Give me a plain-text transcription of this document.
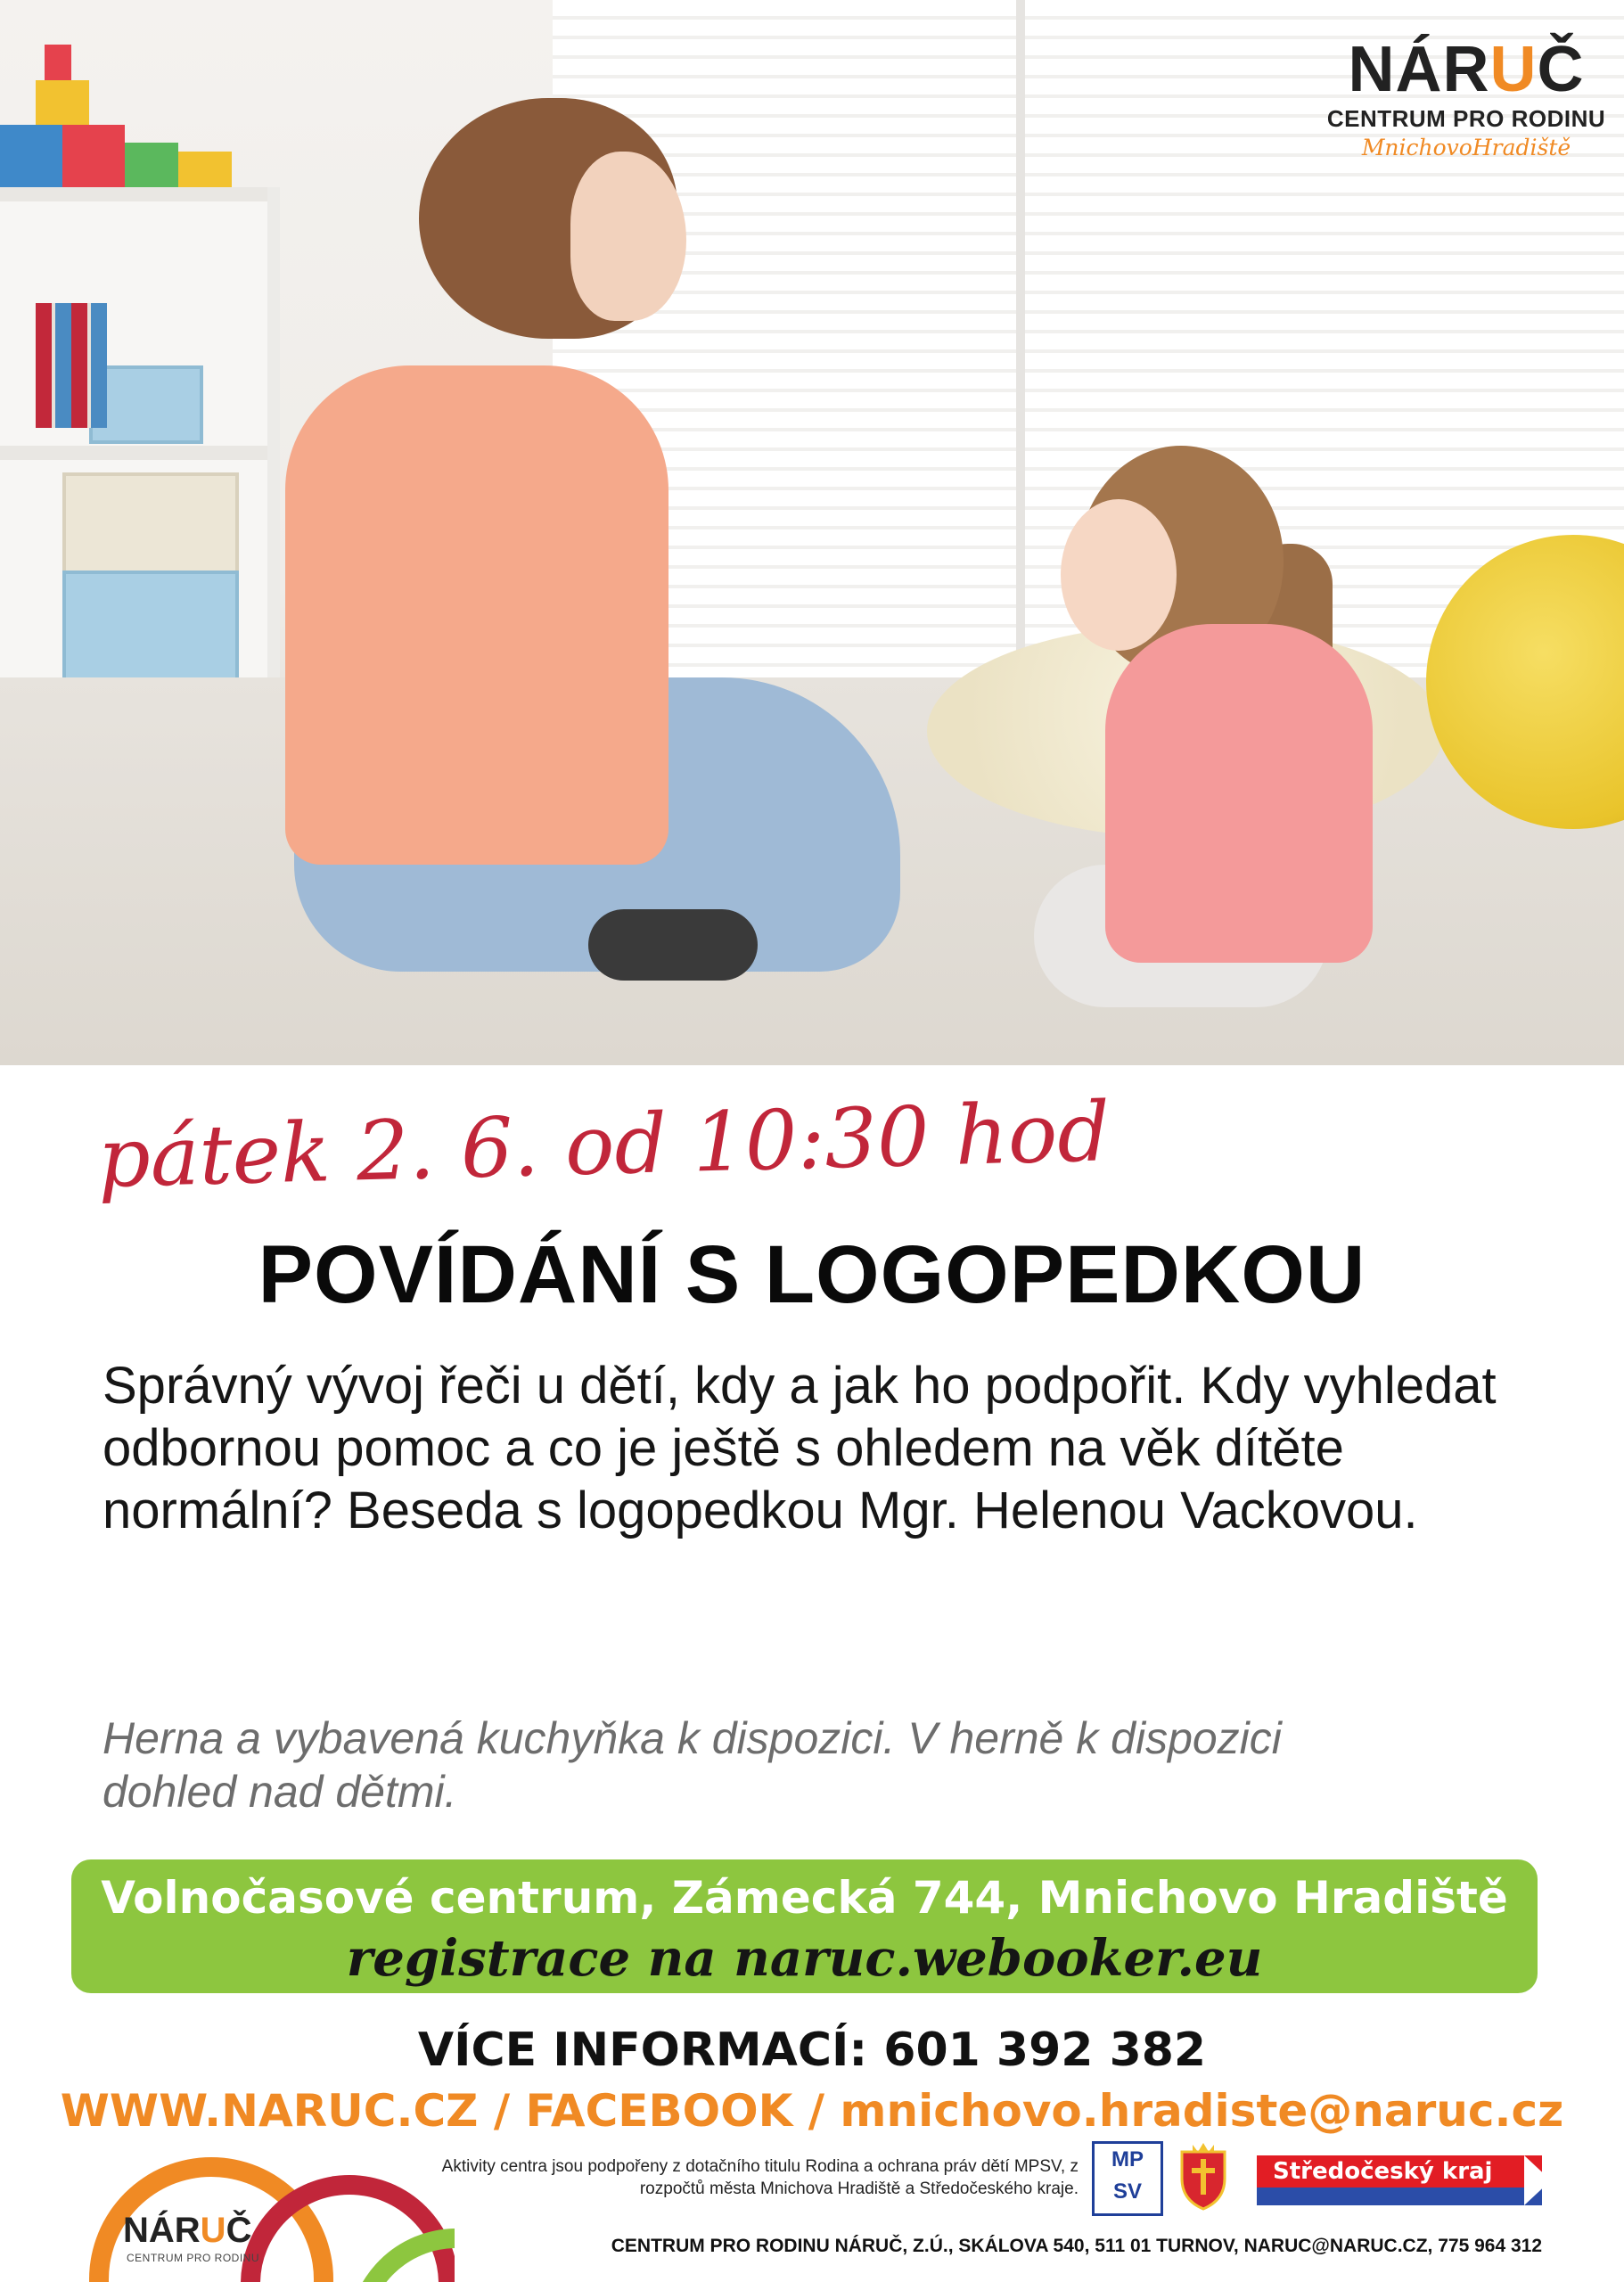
NÁRUČ
CENTRUM PRO RODINU
MnichovoHradiště
pátek 2. 6. od 10:30 hod
POVÍDÁNÍ S LOGOPEDKOU
Správný vývoj řeči u dětí, kdy a jak ho podpořit. Kdy vyhledat odbornou pomoc a co je ještě s ohledem na věk dítěte normální? Beseda s logopedkou Mgr. Helenou Vackovou.
Herna a vybavená kuchyňka k dispozici. V herně k dispozici dohled nad dětmi.
Volnočasové centrum, Zámecká 744, Mnichovo Hradiště
registrace na naruc.webooker.eu
VÍCE INFORMACÍ: 601 392 382
WWW.NARUC.CZ / FACEBOOK / mnichovo.hradiste@naruc.cz
NÁRUČ
CENTRUM PRO RODINU
Aktivity centra jsou podpořeny z dotačního titulu Rodina a ochrana práv dětí MPSV, z rozpočtů města Mnichova Hradiště a Středočeského kraje.
MP
SV
Středočeský kraj
CENTRUM PRO RODINU NÁRUČ, Z.Ú., SKÁLOVA 540, 511 01 TURNOV, NARUC@NARUC.CZ, 775 964 312
